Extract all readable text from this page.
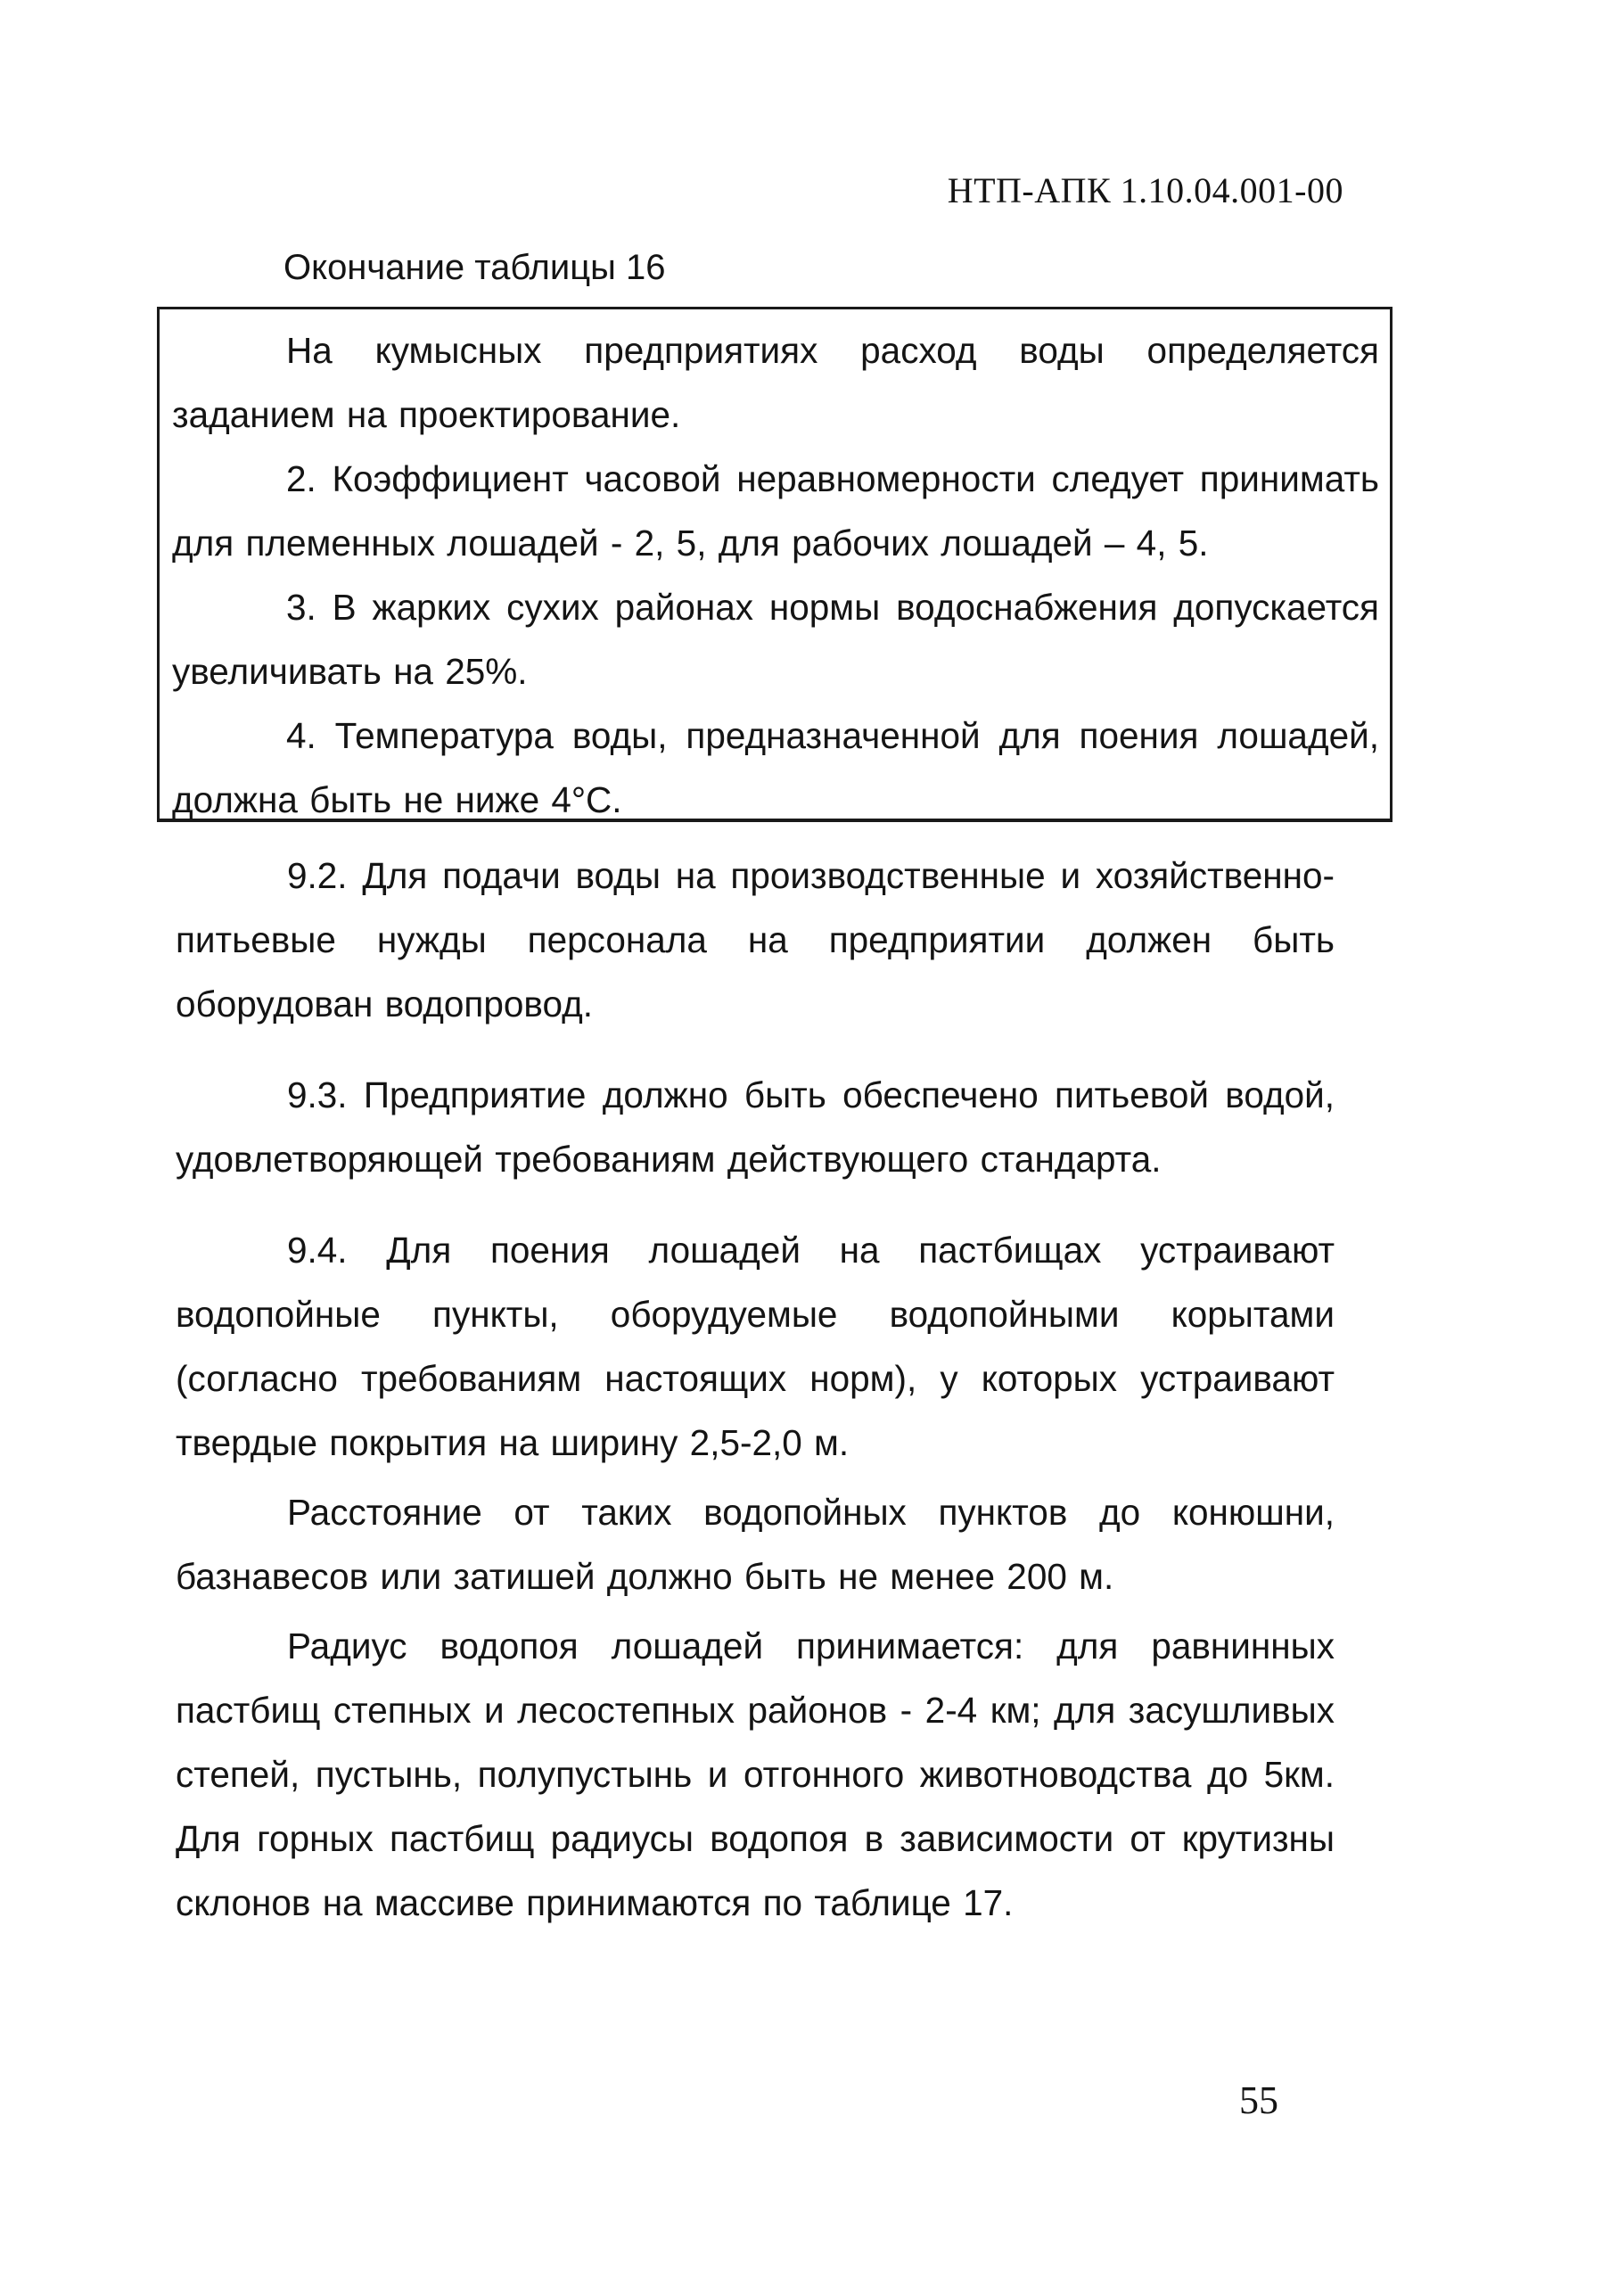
НТП-АПК 1.10.04.001-00
Окончание таблицы 16

На кумысных предприятиях расход воды определяется заданием на проектирование.

2. Коэффициент часовой неравномерности следует принимать для племенных лошадей - 2, 5, для рабочих лошадей – 4, 5.

3. В жарких сухих районах нормы водоснабжения допускается увеличивать на 25%.

4. Температура воды, предназначенной для поения лошадей, должна быть не ниже 4°С.

9.2. Для подачи воды на производственные и хозяйственно-питьевые нужды персонала на предприятии должен быть оборудован водопровод.

9.3. Предприятие должно быть обеспечено питьевой водой, удовлетворяющей требованиям действующего стандарта.

9.4. Для поения лошадей на пастбищах устраивают водопойные пункты, оборудуемые водопойными корытами (согласно требованиям настоящих норм), у которых устраивают твердые покрытия на ширину 2,5-2,0 м.

Расстояние от таких водопойных пунктов до конюшни, базнавесов или затишей должно быть не менее 200 м.

Радиус водопоя лошадей принимается: для равнинных пастбищ степных и лесостепных районов - 2-4 км; для засушливых степей, пустынь, полупустынь и отгонного животноводства до 5км. Для горных пастбищ радиусы водопоя в зависимости от крутизны склонов на массиве принимаются по таблице 17.

55
